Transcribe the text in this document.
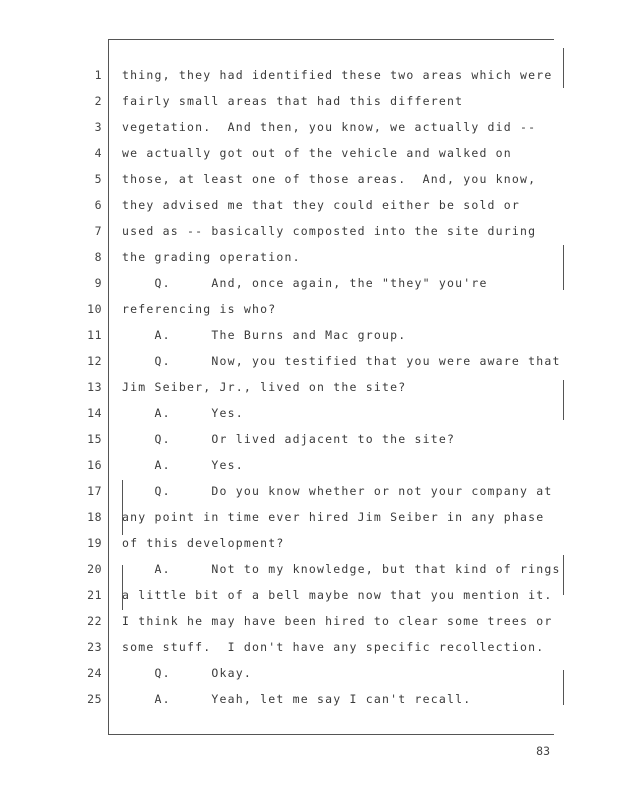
1 thing, they had identified these two areas which were
2 fairly small areas that had this different
3 vegetation.  And then, you know, we actually did --
4 we actually got out of the vehicle and walked on
5 those, at least one of those areas.  And, you know,
6 they advised me that they could either be sold or
7 used as -- basically composted into the site during
8 the grading operation.
9 Q.     And, once again, the "they" you're
10 referencing is who?
11 A.     The Burns and Mac group.
12 Q.     Now, you testified that you were aware that
13 Jim Seiber, Jr., lived on the site?
14 A.     Yes.
15 Q.     Or lived adjacent to the site?
16 A.     Yes.
17 Q.     Do you know whether or not your company at
18 any point in time ever hired Jim Seiber in any phase
19 of this development?
20 A.     Not to my knowledge, but that kind of rings
21 a little bit of a bell maybe now that you mention it.
22 I think he may have been hired to clear some trees or
23 some stuff.  I don't have any specific recollection.
24 Q.     Okay.
25 A.     Yeah, let me say I can't recall.
83
